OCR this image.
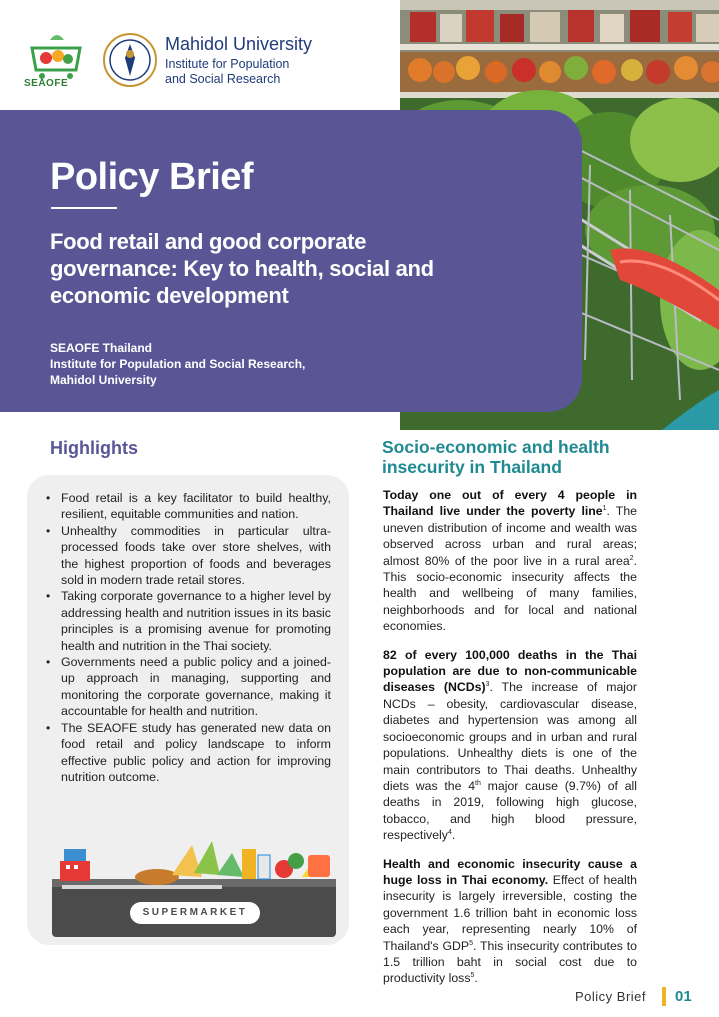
SEAOFE
Mahidol University
Institute for Population
and Social Research
Policy Brief
Food retail and good corporate governance: Key to health, social and economic development
SEAOFE Thailand
Institute for Population and Social Research,
Mahidol University
Highlights
• Food retail is a key facilitator to build healthy, resilient, equitable communities and nation.
• Unhealthy commodities in particular ultra-processed foods take over store shelves, with the highest proportion of foods and beverages sold in modern trade retail stores.
• Taking corporate governance to a higher level by addressing health and nutrition issues in its basic principles is a promising avenue for promoting health and nutrition in the Thai society.
• Governments need a public policy and a joined-up approach in managing, supporting and monitoring the corporate governance, making it accountable for health and nutrition.
• The SEAOFE study has generated new data on food retail and policy landscape to inform effective public policy and action for improving nutrition outcome.
SUPERMARKET
Socio-economic and health insecurity in Thailand

Today one out of every 4 people in Thailand live under the poverty line$^1$. The uneven distribution of income and wealth was observed across urban and rural areas; almost 80% of the poor live in a rural area$^2$. This socio-economic insecurity affects the health and wellbeing of many families, neighborhoods and for local and national economies.

82 of every 100,000 deaths in the Thai population are due to non-communicable diseases (NCDs)$^3$. The increase of major NCDs – obesity, cardiovascular disease, diabetes and hypertension was among all socioeconomic groups and in urban and rural populations. Unhealthy diets is one of the main contributors to Thai deaths. Unhealthy diets was the 4th major cause (9.7%) of all deaths in 2019, following high glucose, tobacco, and high blood pressure, respectively$^4$.

Health and economic insecurity cause a huge loss in Thai economy. Effect of health insecurity is largely irreversible, costing the government 1.6 trillion baht in economic loss each year, representing nearly 10% of Thailand's GDP$^5$. This insecurity contributes to 1.5 trillion baht in social cost due to productivity loss$^5$.

Policy Brief 01
